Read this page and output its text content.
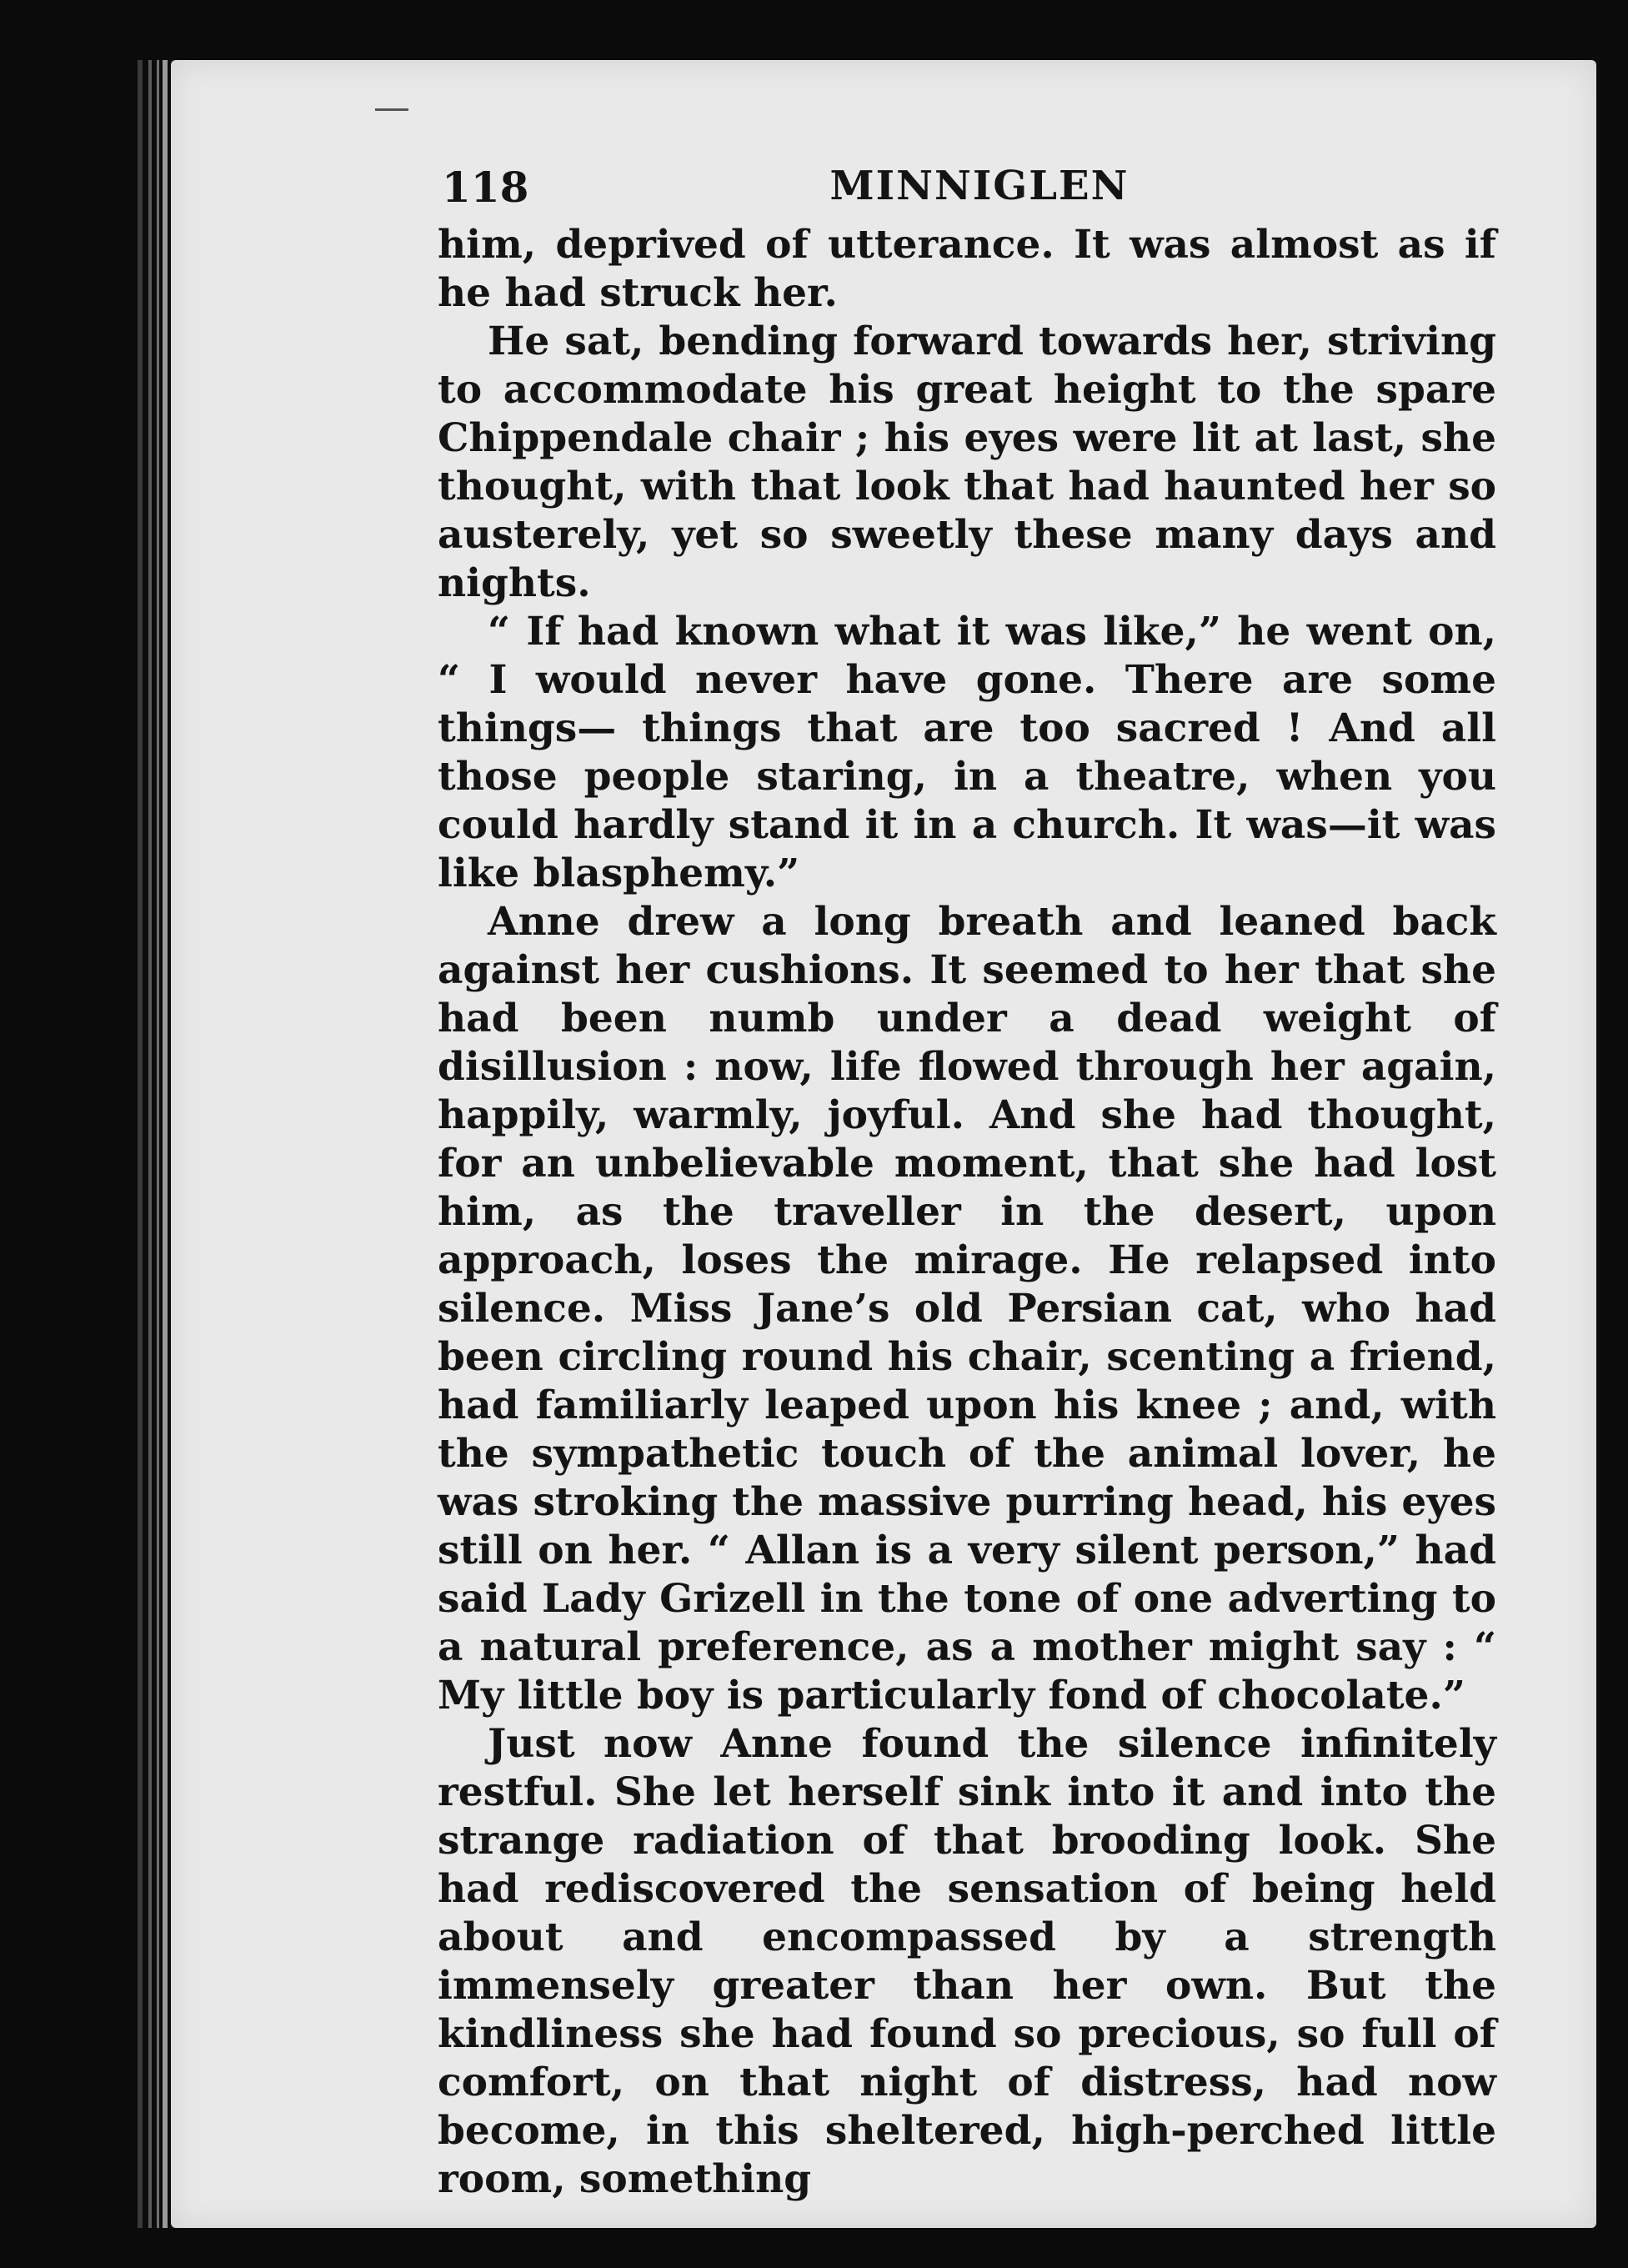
118	MINNIGLEN

him, deprived of utterance. It was almost as if he had struck her.

He sat, bending forward towards her, striving to accommodate his great height to the spare Chippendale chair ; his eyes were lit at last, she thought, with that look that had haunted her so austerely, yet so sweetly these many days and nights.

“ If had known what it was like,” he went on, “ I would never have gone. There are some things— things that are too sacred ! And all those people staring, in a theatre, when you could hardly stand it in a church. It was—it was like blasphemy.”

Anne drew a long breath and leaned back against her cushions. It seemed to her that she had been numb under a dead weight of disillusion : now, life flowed through her again, happily, warmly, joyful. And she had thought, for an unbelievable moment, that she had lost him, as the traveller in the desert, upon approach, loses the mirage. He relapsed into silence. Miss Jane’s old Persian cat, who had been circling round his chair, scenting a friend, had familiarly leaped upon his knee ; and, with the sympathetic touch of the animal lover, he was stroking the massive purring head, his eyes still on her. “ Allan is a very silent person,” had said Lady Grizell in the tone of one adverting to a natural preference, as a mother might say : “ My little boy is particularly fond of chocolate.”

Just now Anne found the silence infinitely restful. She let herself sink into it and into the strange radiation of that brooding look. She had rediscovered the sensation of being held about and encompassed by a strength immensely greater than her own. But the kindliness she had found so precious, so full of comfort, on that night of distress, had now become, in this sheltered, high-perched little room, something
